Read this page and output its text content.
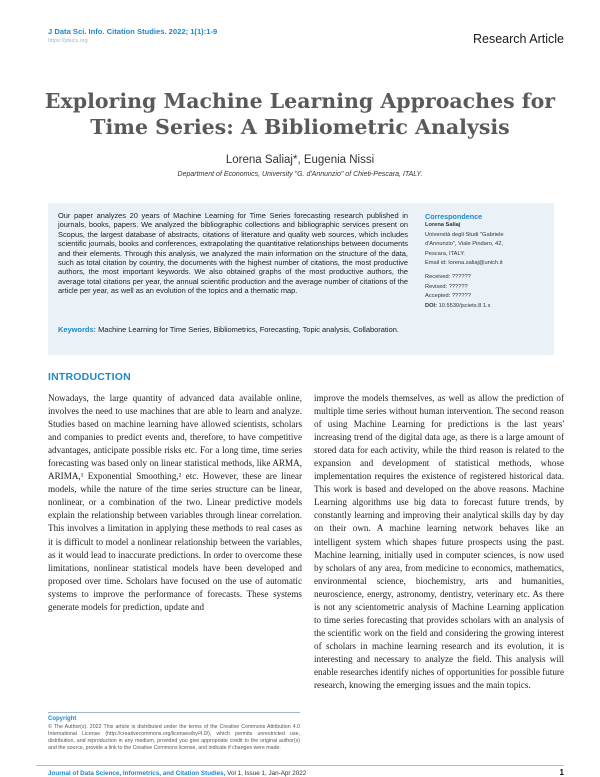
J Data Sci. Info. Citation Studies. 2022; 1(1):1-9
https://jdsics.org	Research Article
Exploring Machine Learning Approaches for Time Series: A Bibliometric Analysis
Lorena Saliaj*, Eugenia Nissi
Department of Economics, University "G. d'Annunzio" of Chieti-Pescara, ITALY.
Our paper analyzes 20 years of Machine Learning for Time Series forecasting research published in journals, books, papers. We analyzed the bibliographic collections and bibliographic services present on Scopus, the largest database of abstracts, citations of literature and quality web sources, which includes scientific journals, books and conferences, extrapolating the quantitative relationships between documents and their elements. Through this analysis, we analyzed the main information on the structure of the data, such as total citation by country, the documents with the highest number of citations, the most productive authors, the most important keywords. We also obtained graphs of the most productive authors, the average total citations per year, the annual scientific production and the average number of citations of the article per year, as well as an evolution of the topics and a thematic map.
Keywords: Machine Learning for Time Series, Bibliometrics, Forecasting, Topic analysis, Collaboration.
Correspondence
Lorena Saliaj
Università degli Studi "Gabriele
d'Annunzio", Viale Pindaro, 42,
Pescara, ITALY.
Email id: lorena.saliaj@unich.it
Received: ??????
Revised: ??????
Accepted: ??????
DOI: 10.5530/jsciets.8.1.x
INTRODUCTION
Nowadays, the large quantity of advanced data available online, involves the need to use machines that are able to learn and analyze. Studies based on machine learning have allowed scientists, scholars and companies to predict events and, therefore, to have competitive advantages, anticipate possible risks etc. For a long time, time series forecasting was based only on linear statistical methods, like ARMA, ARIMA,¹ Exponential Smoothing,² etc. However, these are linear models, while the nature of the time series structure can be linear, nonlinear, or a combination of the two. Linear predictive models explain the relationship between variables through linear correlation. This involves a limitation in applying these methods to real cases as it is difficult to model a nonlinear relationship between the variables, as it would lead to inaccurate predictions. In order to overcome these limitations, nonlinear statistical models have been developed and proposed over time. Scholars have focused on the use of automatic systems to improve the performance of forecasts. These systems generate models for prediction, update and
improve the models themselves, as well as allow the prediction of multiple time series without human intervention. The second reason of using Machine Learning for predictions is the last years' increasing trend of the digital data age, as there is a large amount of stored data for each activity, while the third reason is related to the expansion and development of statistical methods, whose implementation requires the existence of registered historical data. This work is based and developed on the above reasons. Machine Learning algorithms use big data to forecast future trends, by constantly learning and improving their analytical skills day by day on their own. A machine learning network behaves like an intelligent system which shapes future prospects using the past. Machine learning, initially used in computer sciences, is now used by scholars of any area, from medicine to economics, mathematics, environmental science, biochemistry, arts and humanities, neuroscience, energy, astronomy, dentistry, veterinary etc. As there is not any scientometric analysis of Machine Learning application to time series forecasting that provides scholars with an analysis of the scientific work on the field and considering the growing interest of scholars in machine learning research and its evolution, it is interesting and necessary to analyze the field. This analysis will enable researches identify niches of opportunities for possible future research, knowing the emerging issues and the main topics.
Copyright
© The Author(s). 2022 This article is distributed under the terms of the Creative Commons Attribution 4.0 International License (http://creativecommons.org/licenses/by/4.0/), which permits unrestricted use, distribution, and reproduction in any medium, provided you give appropriate credit to the original author(s) and the source, provide a link to the Creative Commons license, and indicate if changes were made.
Journal of Data Science, Informetrics, and Citation Studies, Vol 1, Issue 1, Jan-Apr 2022	1
